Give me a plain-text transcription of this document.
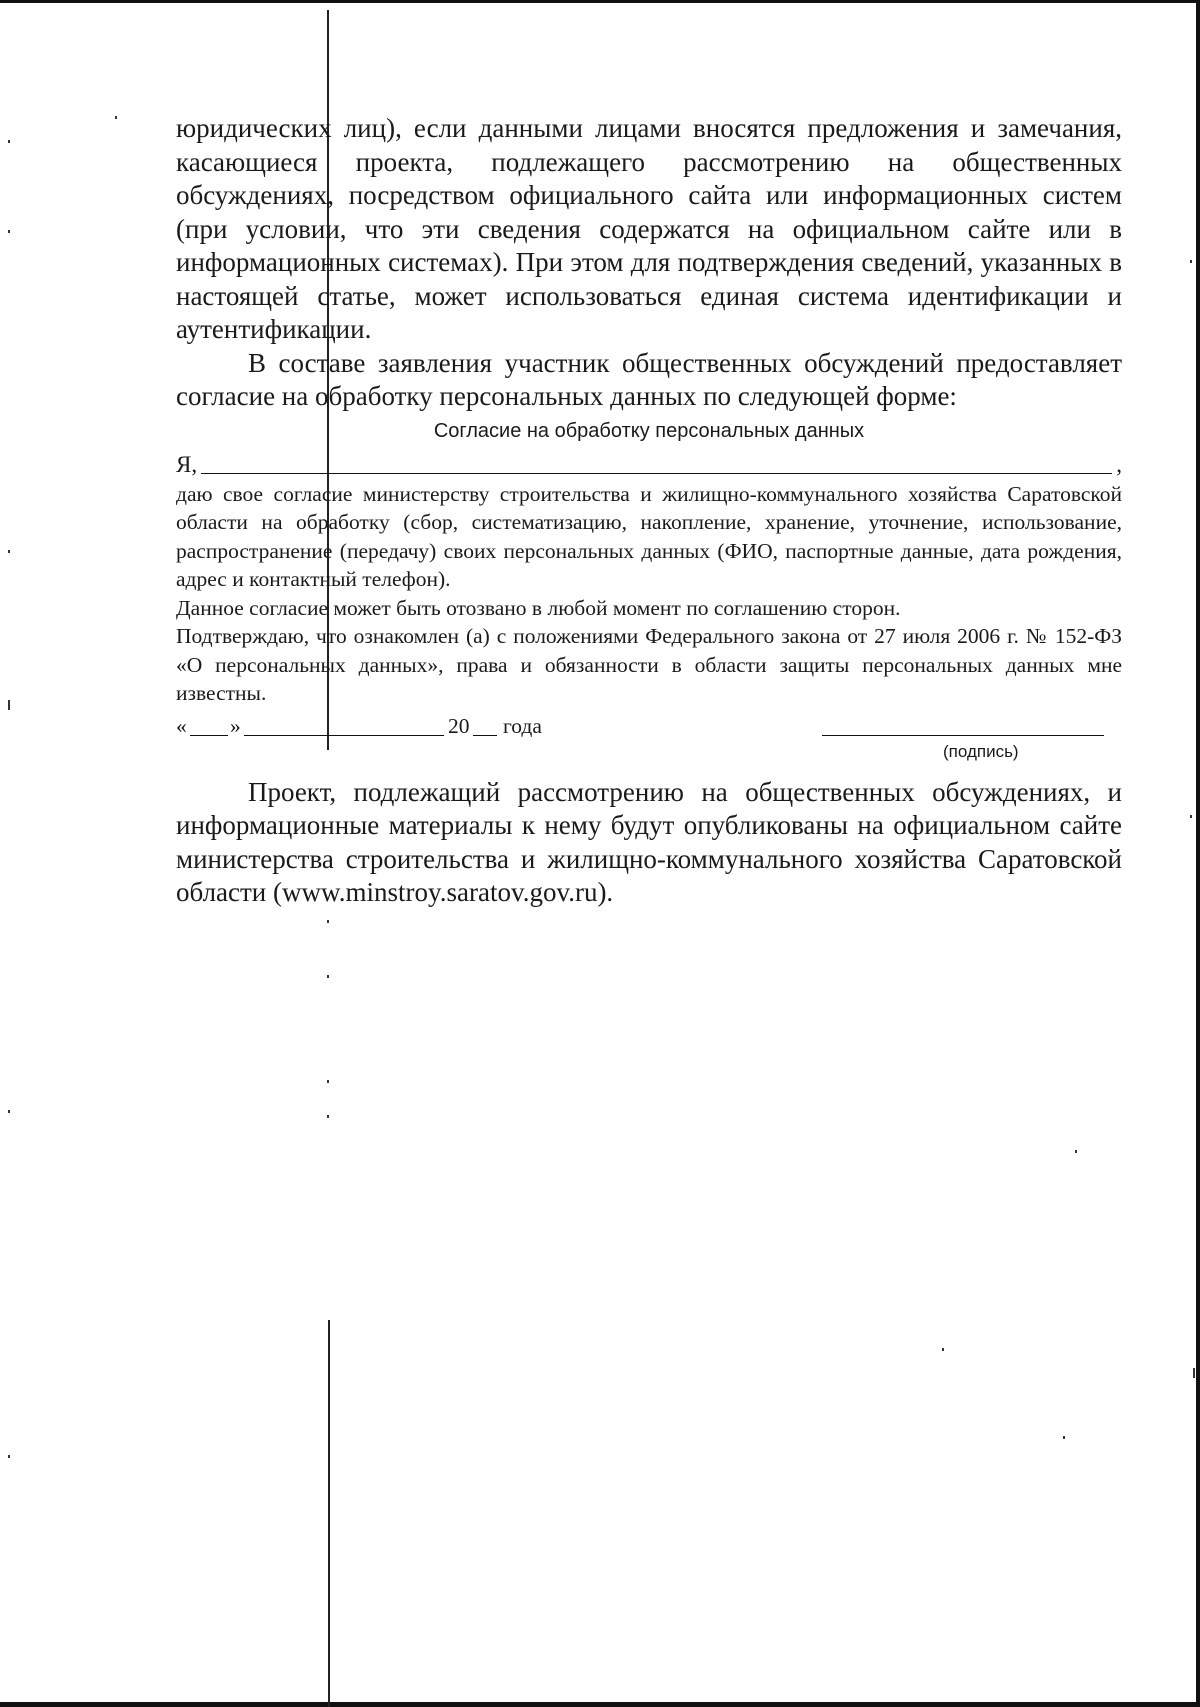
юридических лиц), если данными лицами вносятся предложения и замечания, касающиеся проекта, подлежащего рассмотрению на общественных обсуждениях, посредством официального сайта или информационных систем (при условии, что эти сведения содержатся на официальном сайте или в информационных системах). При этом для подтверждения сведений, указанных в настоящей статье, может использоваться единая система идентификации и аутентификации.

В составе заявления участник общественных обсуждений предоставляет согласие на обработку персональных данных по следующей форме:

Согласие на обработку персональных данных
Я,	,

даю свое согласие министерству строительства и жилищно-коммунального хозяйства Саратовской области на обработку (сбор, систематизацию, накопление, хранение, уточнение, использование, распространение (передачу) своих персональных данных (ФИО, паспортные данные, дата рождения, адрес и контактный телефон).

Данное согласие может быть отозвано в любой момент по соглашению сторон.

Подтверждаю, что ознакомлен (а) с положениями Федерального закона от 27 июля 2006 г. № 152-ФЗ «О персональных данных», права и обязанности в области защиты персональных данных мне известны.

« »	20 года
(подпись)

Проект, подлежащий рассмотрению на общественных обсуждениях, и информационные материалы к нему будут опубликованы на официальном сайте министерства строительства и жилищно-коммунального хозяйства Саратовской области (www.minstroy.saratov.gov.ru).
